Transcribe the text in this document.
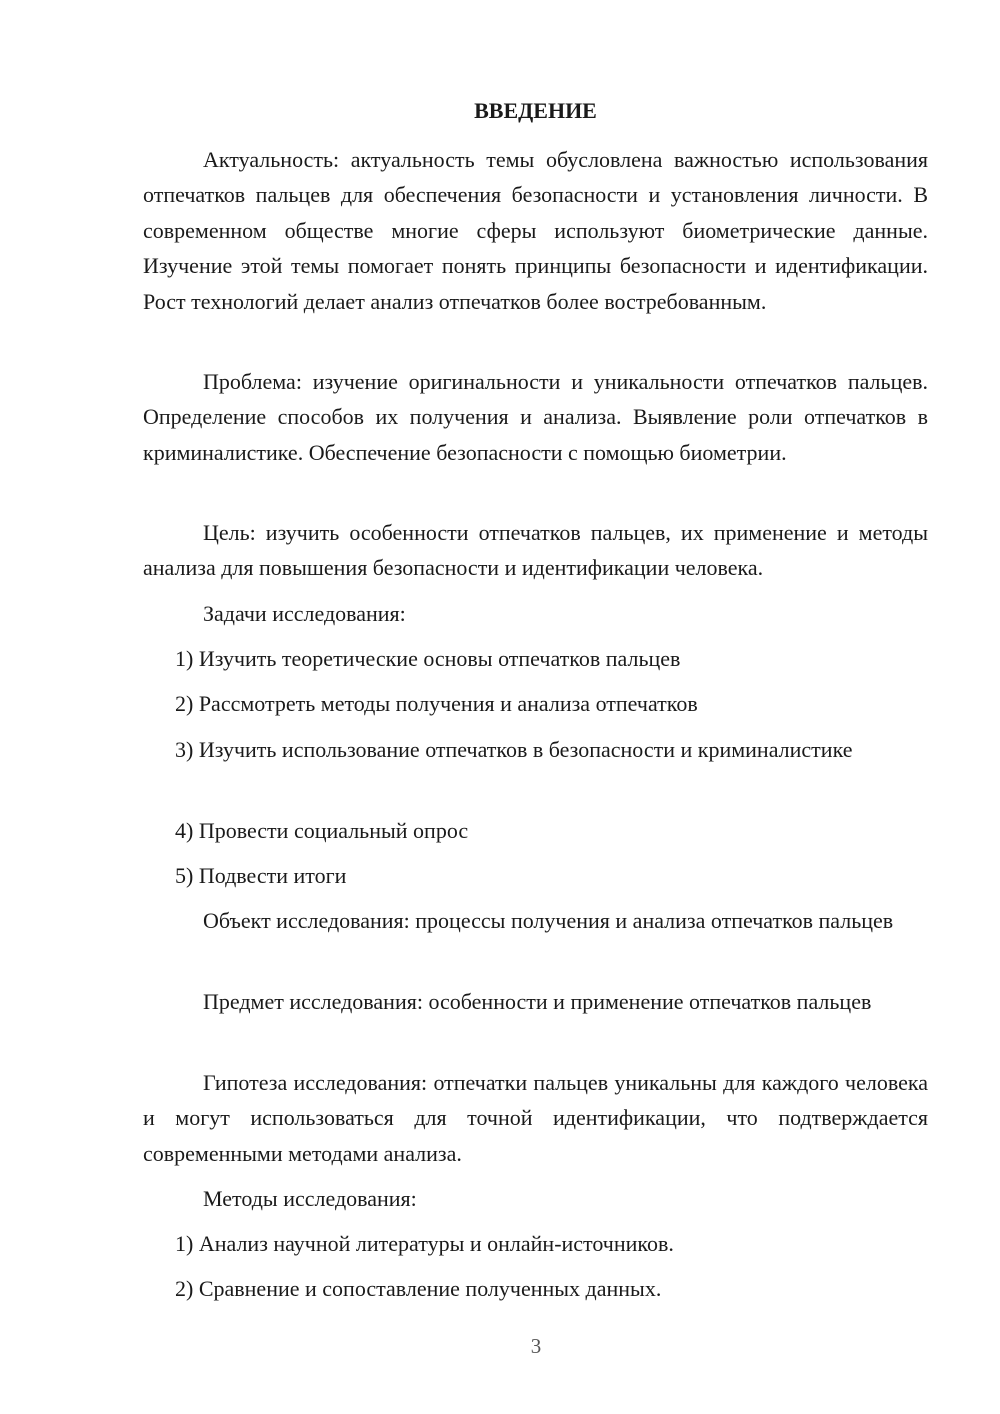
ВВЕДЕНИЕ

Актуальность: актуальность темы обусловлена важностью использования отпечатков пальцев для обеспечения безопасности и установления личности. В современном обществе многие сферы используют биометрические данные. Изучение этой темы помогает понять принципы безопасности и идентификации. Рост технологий делает анализ отпечатков более востребованным.

Проблема: изучение оригинальности и уникальности отпечатков пальцев. Определение способов их получения и анализа. Выявление роли отпечатков в криминалистике. Обеспечение безопасности с помощью биометрии.

Цель: изучить особенности отпечатков пальцев, их применение и методы анализа для повышения безопасности и идентификации человека.

Задачи исследования:

1) Изучить теоретические основы отпечатков пальцев

2) Рассмотреть методы получения и анализа отпечатков

3) Изучить использование отпечатков в безопасности и криминалистике

4) Провести социальный опрос

5) Подвести итоги

Объект исследования: процессы получения и анализа отпечатков пальцев

Предмет исследования: особенности и применение отпечатков пальцев

Гипотеза исследования: отпечатки пальцев уникальны для каждого человека и могут использоваться для точной идентификации, что подтверждается современными методами анализа.

Методы исследования:

1) Анализ научной литературы и онлайн-источников.

2) Сравнение и сопоставление полученных данных.

3
